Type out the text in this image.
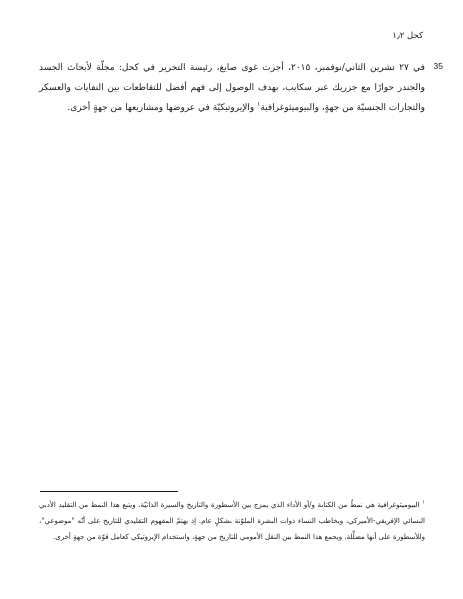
كحل ١٫٢
35

في ٢٧ تشرين الثاني/نوفمبر، ٢٠١٥، أجرت غوى صايغ، رئيسة التحرير في كحل: مجلّة لأبحاث الجسد والجندر حوارًا مع جزريك عبر سكايب، بهدف الوصول إلى فهم أفضل للتقاطعات بين النفايات والعسكر والتجارات الجنسيّة من جهةٍ، والبيوميثوغرافية$^١$ والإيروتيكيّة في عروضها ومشاريعها من جهةٍ أخرى.

$^١$ البيوميثوغرافية هي نمطٌ من الكتابة و/أو الأداء الذي يمزج بين الأسطورة والتاريخ والسيرة الذاتيّة. ويتبع هذا النمط من التقليد الأدبي النسائي الإفريقي-الأميركي، ويخاطب النساء ذوات البشرة الملوّنة بشكلٍ عام. إذ يهتمّ المفهوم التقليدي للتاريخ على أنّه "موضوعي"، وللأسطورة على أنها مضلِّلة. ويجمع هذا النمط بين النقل الأمومي للتاريخ من جهةٍ، واستخدام الإيروتيكي كعامل قوّة من جهةٍ أخرى.
